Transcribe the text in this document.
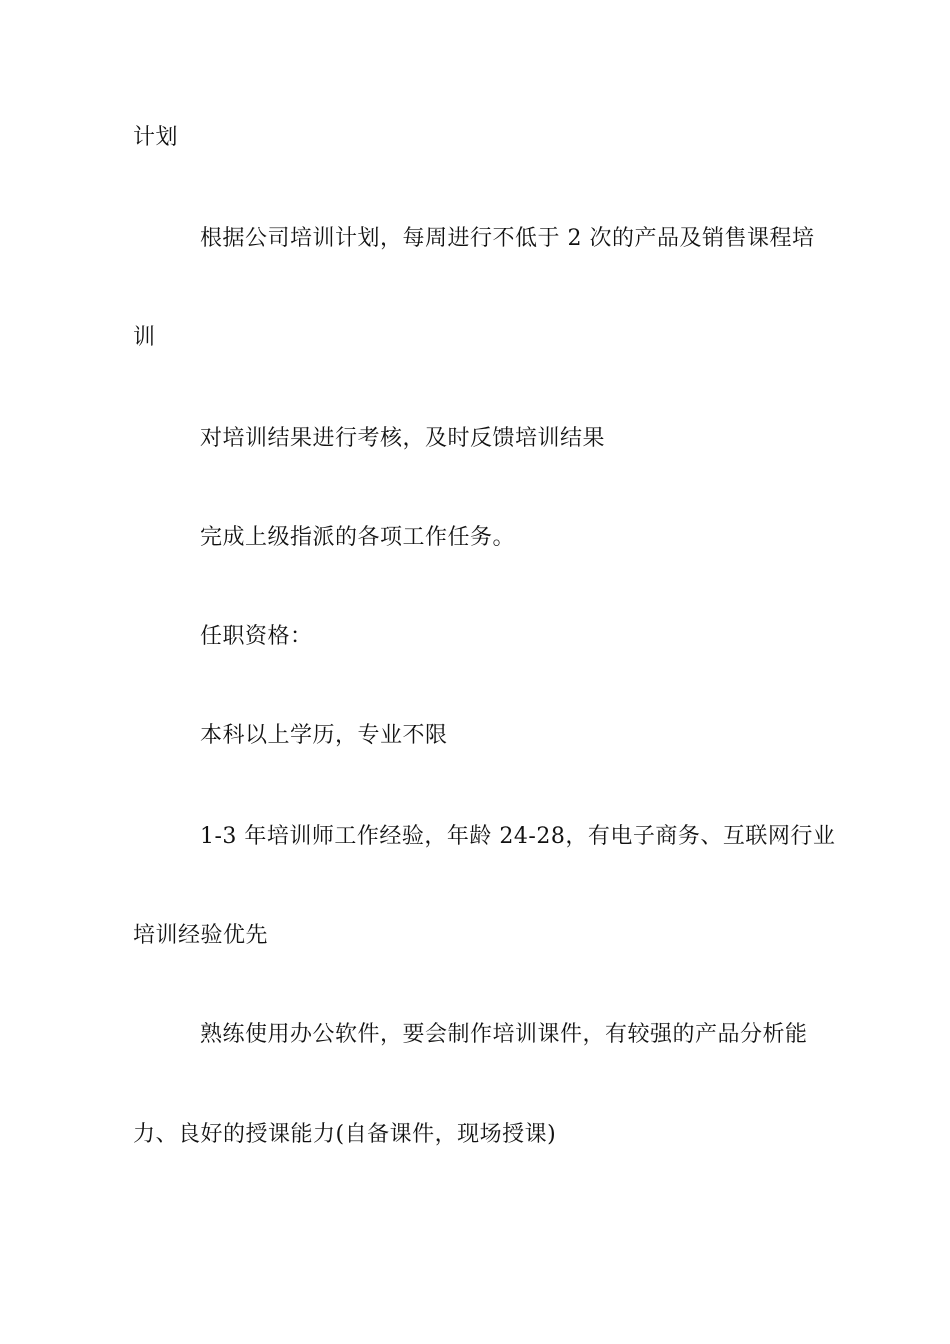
计划
根据公司培训计划，每周进行不低于 2 次的产品及销售课程培
训
对培训结果进行考核，及时反馈培训结果
完成上级指派的各项工作任务。
任职资格：
本科以上学历，专业不限
1-3 年培训师工作经验，年龄 24-28，有电子商务、互联网行业
培训经验优先
熟练使用办公软件，要会制作培训课件，有较强的产品分析能
力、良好的授课能力(自备课件，现场授课)
